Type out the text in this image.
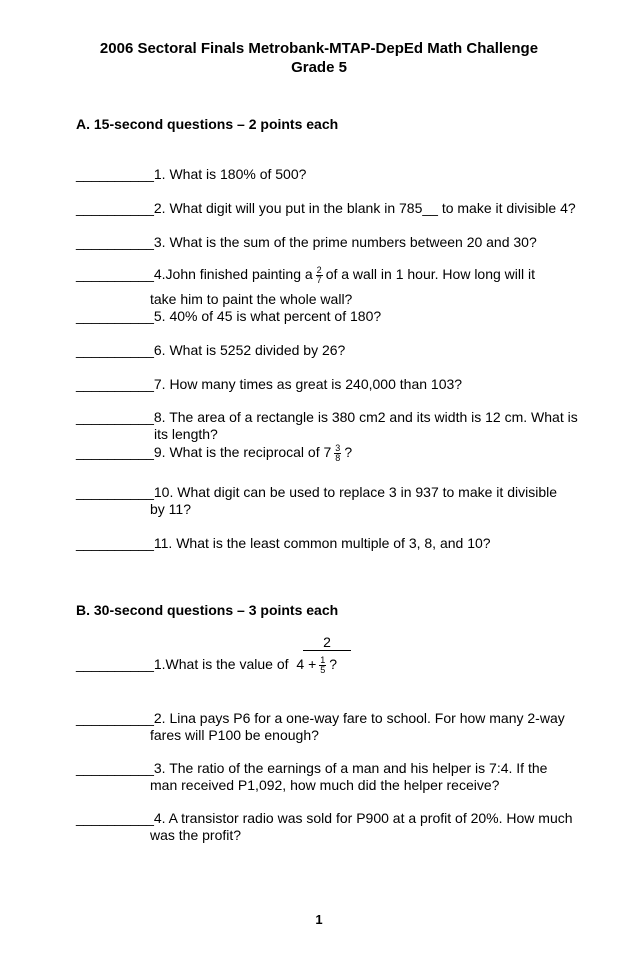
2006 Sectoral Finals Metrobank-MTAP-DepEd Math Challenge
Grade 5
A. 15-second questions – 2 points each
__________1. What is 180% of 500?
__________2. What digit will you put in the blank in 785__ to make it divisible 4?
__________3. What is the sum of the prime numbers between 20 and 30?
__________4.John finished painting a $\frac{2}{7}$ of a wall in 1 hour. How long will it
take him to paint the whole wall?
__________5. 40% of 45 is what percent of 180?
__________6. What is 5252 divided by 26?
__________7. How many times as great is 240,000 than 103?
__________8. The area of a rectangle is 380 cm2 and its width is 12 cm. What is
its length?
__________9. What is the reciprocal of $7 \frac{3}{8}$ ?
__________10. What digit can be used to replace 3 in 937 to make it divisible
by 11?
__________11. What is the least common multiple of 3, 8, and 10?
B. 30-second questions – 3 points each
2
__________1.What is the value of $4 + \frac{1}{5}$ ?
__________2. Lina pays P6 for a one-way fare to school. For how many 2-way
fares will P100 be enough?
__________3. The ratio of the earnings of a man and his helper is 7:4. If the
man received P1,092, how much did the helper receive?
__________4. A transistor radio was sold for P900 at a profit of 20%. How much
was the profit?
1
